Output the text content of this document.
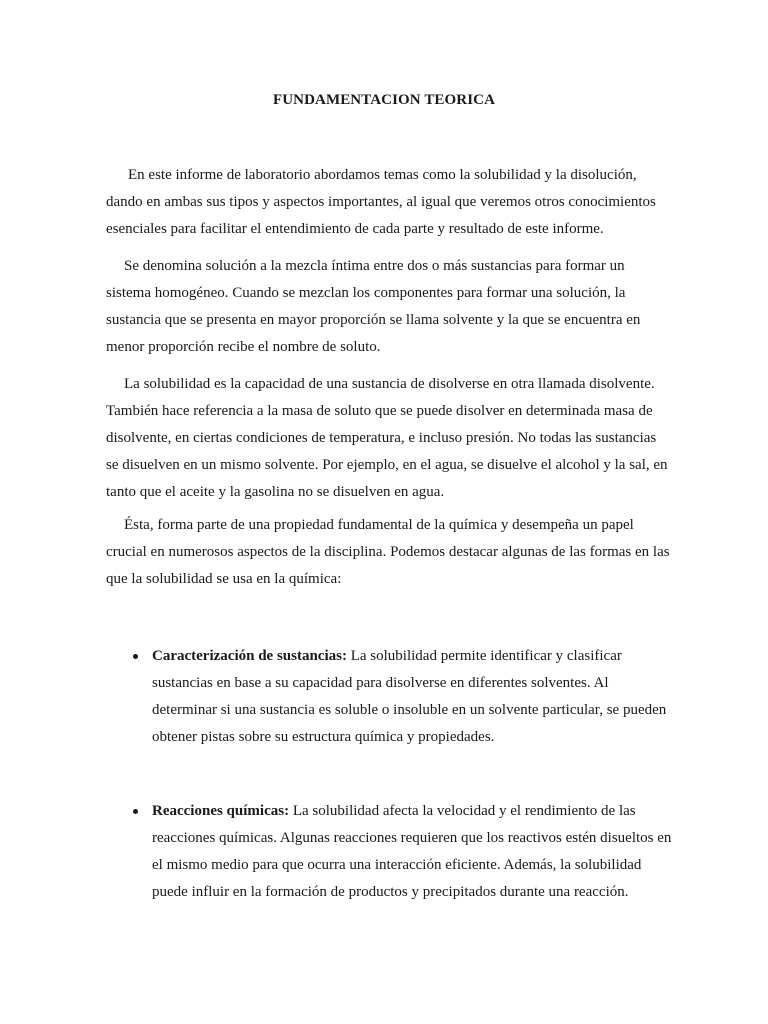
FUNDAMENTACION TEORICA

En este informe de laboratorio abordamos temas como la solubilidad y la disolución, dando en ambas sus tipos y aspectos importantes, al igual que veremos otros conocimientos esenciales para facilitar el entendimiento de cada parte y resultado de este informe.

Se denomina solución a la mezcla íntima entre dos o más sustancias para formar un sistema homogéneo. Cuando se mezclan los componentes para formar una solución, la sustancia que se presenta en mayor proporción se llama solvente y la que se encuentra en menor proporción recibe el nombre de soluto.

La solubilidad es la capacidad de una sustancia de disolverse en otra llamada disolvente. También hace referencia a la masa de soluto que se puede disolver en determinada masa de disolvente, en ciertas condiciones de temperatura, e incluso presión. No todas las sustancias se disuelven en un mismo solvente. Por ejemplo, en el agua, se disuelve el alcohol y la sal, en tanto que el aceite y la gasolina no se disuelven en agua.

Ésta, forma parte de una propiedad fundamental de la química y desempeña un papel crucial en numerosos aspectos de la disciplina. Podemos destacar algunas de las formas en las que la solubilidad se usa en la química:

Caracterización de sustancias: La solubilidad permite identificar y clasificar sustancias en base a su capacidad para disolverse en diferentes solventes. Al determinar si una sustancia es soluble o insoluble en un solvente particular, se pueden obtener pistas sobre su estructura química y propiedades.
Reacciones químicas: La solubilidad afecta la velocidad y el rendimiento de las reacciones químicas. Algunas reacciones requieren que los reactivos estén disueltos en el mismo medio para que ocurra una interacción eficiente. Además, la solubilidad puede influir en la formación de productos y precipitados durante una reacción.
